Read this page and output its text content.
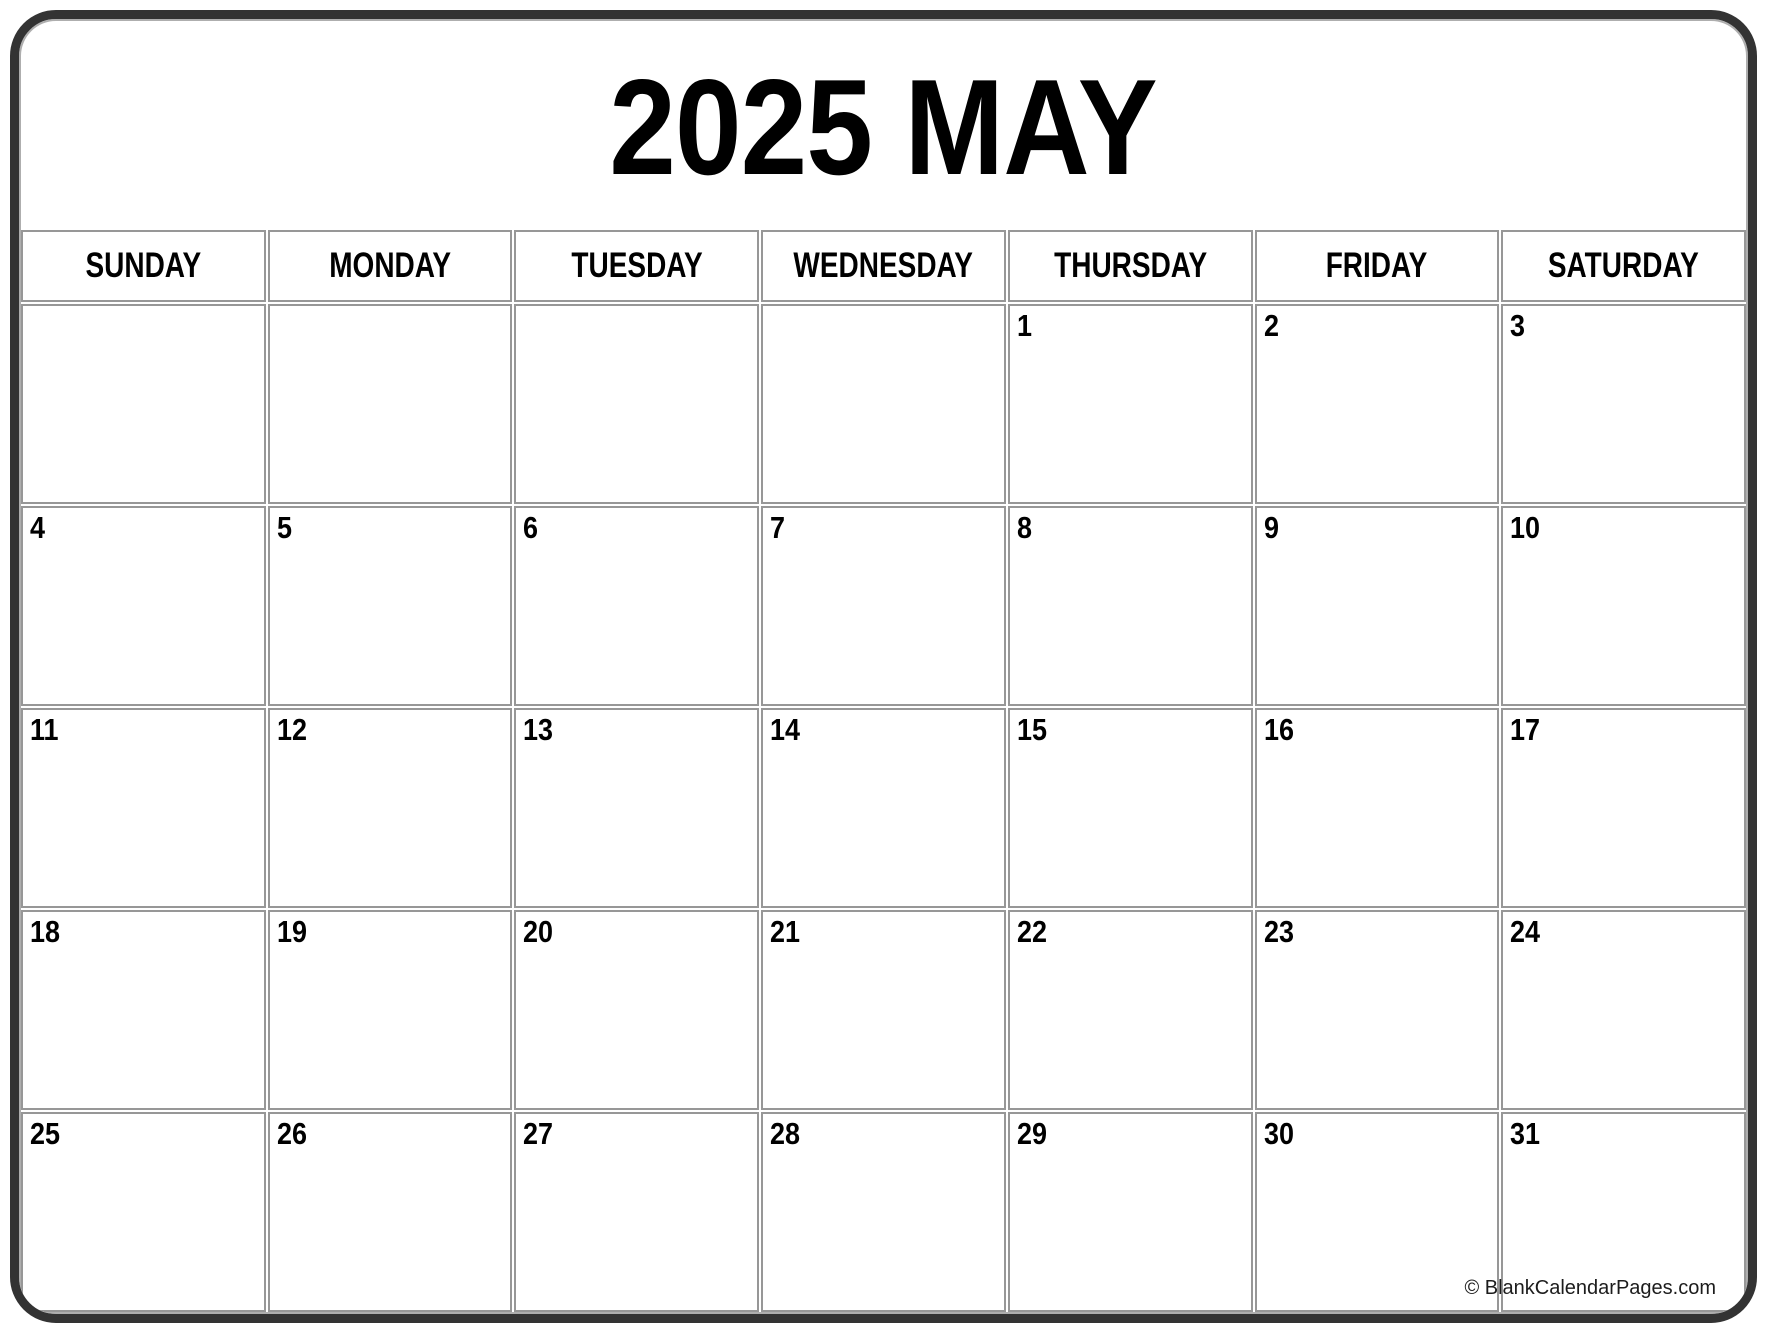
2025 MAY
SUNDAY	MONDAY	TUESDAY	WEDNESDAY	THURSDAY	FRIDAY	SATURDAY
				1	2	3
4	5	6	7	8	9	10
11	12	13	14	15	16	17
18	19	20	21	22	23	24
25	26	27	28	29	30	31
© BlankCalendarPages.com
